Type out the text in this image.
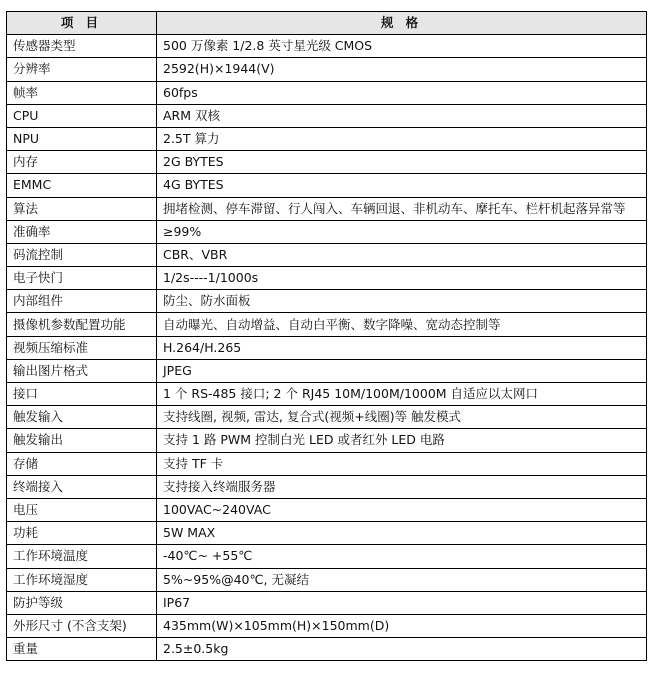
项 目	规 格
传感器类型	500 万像素 1/2.8 英寸星光级 CMOS
分辨率	2592(H)×1944(V)
帧率	60fps
CPU	ARM 双核
NPU	2.5T 算力
内存	2G BYTES
EMMC	4G BYTES
算法	拥堵检测、停车滞留、行人闯入、车辆回退、非机动车、摩托车、栏杆机起落异常等
准确率	≥99%
码流控制	CBR、VBR
电子快门	1/2s----1/1000s
内部组件	防尘、防水面板
摄像机参数配置功能	自动曝光、自动增益、自动白平衡、数字降噪、宽动态控制等
视频压缩标准	H.264/H.265
输出图片格式	JPEG
接口	1 个 RS-485 接口; 2 个 RJ45 10M/100M/1000M 自适应以太网口
触发输入	支持线圈, 视频, 雷达, 复合式(视频+线圈)等 触发模式
触发输出	支持 1 路 PWM 控制白光 LED 或者红外 LED 电路
存储	支持 TF 卡
终端接入	支持接入终端服务器
电压	100VAC~240VAC
功耗	5W MAX
工作环境温度	-40℃~ +55℃
工作环境湿度	5%~95%@40℃, 无凝结
防护等级	IP67
外形尺寸 (不含支架)	435mm(W)×105mm(H)×150mm(D)
重量	2.5±0.5kg
